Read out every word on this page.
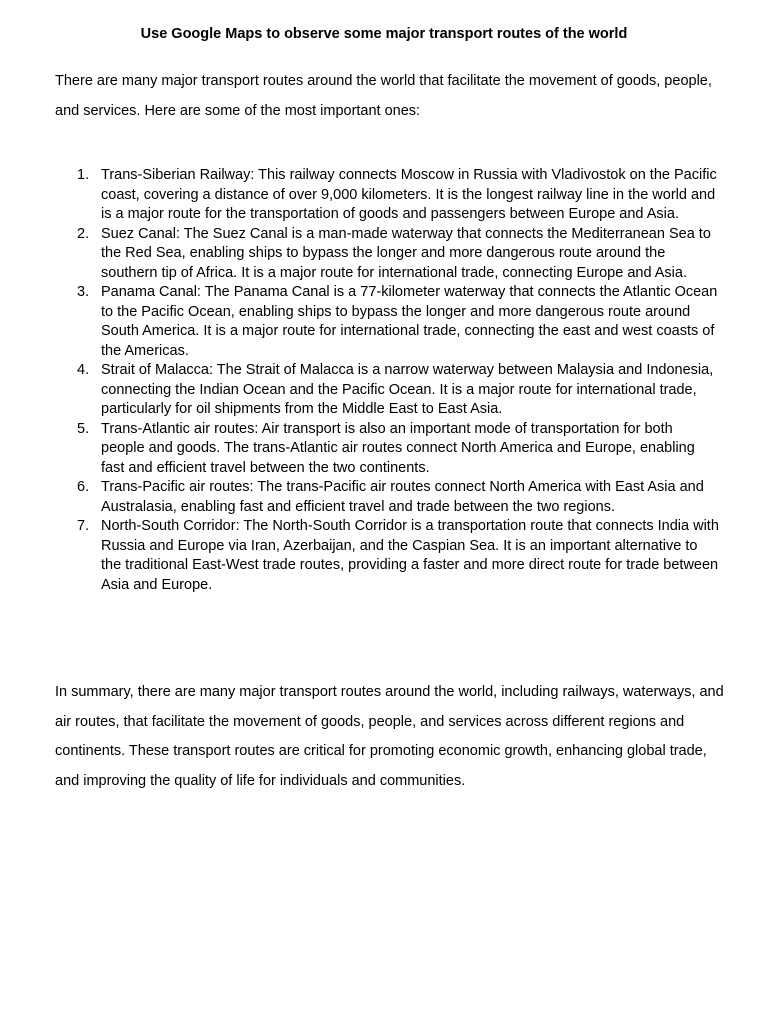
Use Google Maps to observe some major transport routes of the world

There are many major transport routes around the world that facilitate the movement of goods, people, and services. Here are some of the most important ones:

1. Trans-Siberian Railway: This railway connects Moscow in Russia with Vladivostok on the Pacific coast, covering a distance of over 9,000 kilometers. It is the longest railway line in the world and is a major route for the transportation of goods and passengers between Europe and Asia.
2. Suez Canal: The Suez Canal is a man-made waterway that connects the Mediterranean Sea to the Red Sea, enabling ships to bypass the longer and more dangerous route around the southern tip of Africa. It is a major route for international trade, connecting Europe and Asia.
3. Panama Canal: The Panama Canal is a 77-kilometer waterway that connects the Atlantic Ocean to the Pacific Ocean, enabling ships to bypass the longer and more dangerous route around South America. It is a major route for international trade, connecting the east and west coasts of the Americas.
4. Strait of Malacca: The Strait of Malacca is a narrow waterway between Malaysia and Indonesia, connecting the Indian Ocean and the Pacific Ocean. It is a major route for international trade, particularly for oil shipments from the Middle East to East Asia.
5. Trans-Atlantic air routes: Air transport is also an important mode of transportation for both people and goods. The trans-Atlantic air routes connect North America and Europe, enabling fast and efficient travel between the two continents.
6. Trans-Pacific air routes: The trans-Pacific air routes connect North America with East Asia and Australasia, enabling fast and efficient travel and trade between the two regions.
7. North-South Corridor: The North-South Corridor is a transportation route that connects India with Russia and Europe via Iran, Azerbaijan, and the Caspian Sea. It is an important alternative to the traditional East-West trade routes, providing a faster and more direct route for trade between Asia and Europe.

In summary, there are many major transport routes around the world, including railways, waterways, and air routes, that facilitate the movement of goods, people, and services across different regions and continents. These transport routes are critical for promoting economic growth, enhancing global trade, and improving the quality of life for individuals and communities.
